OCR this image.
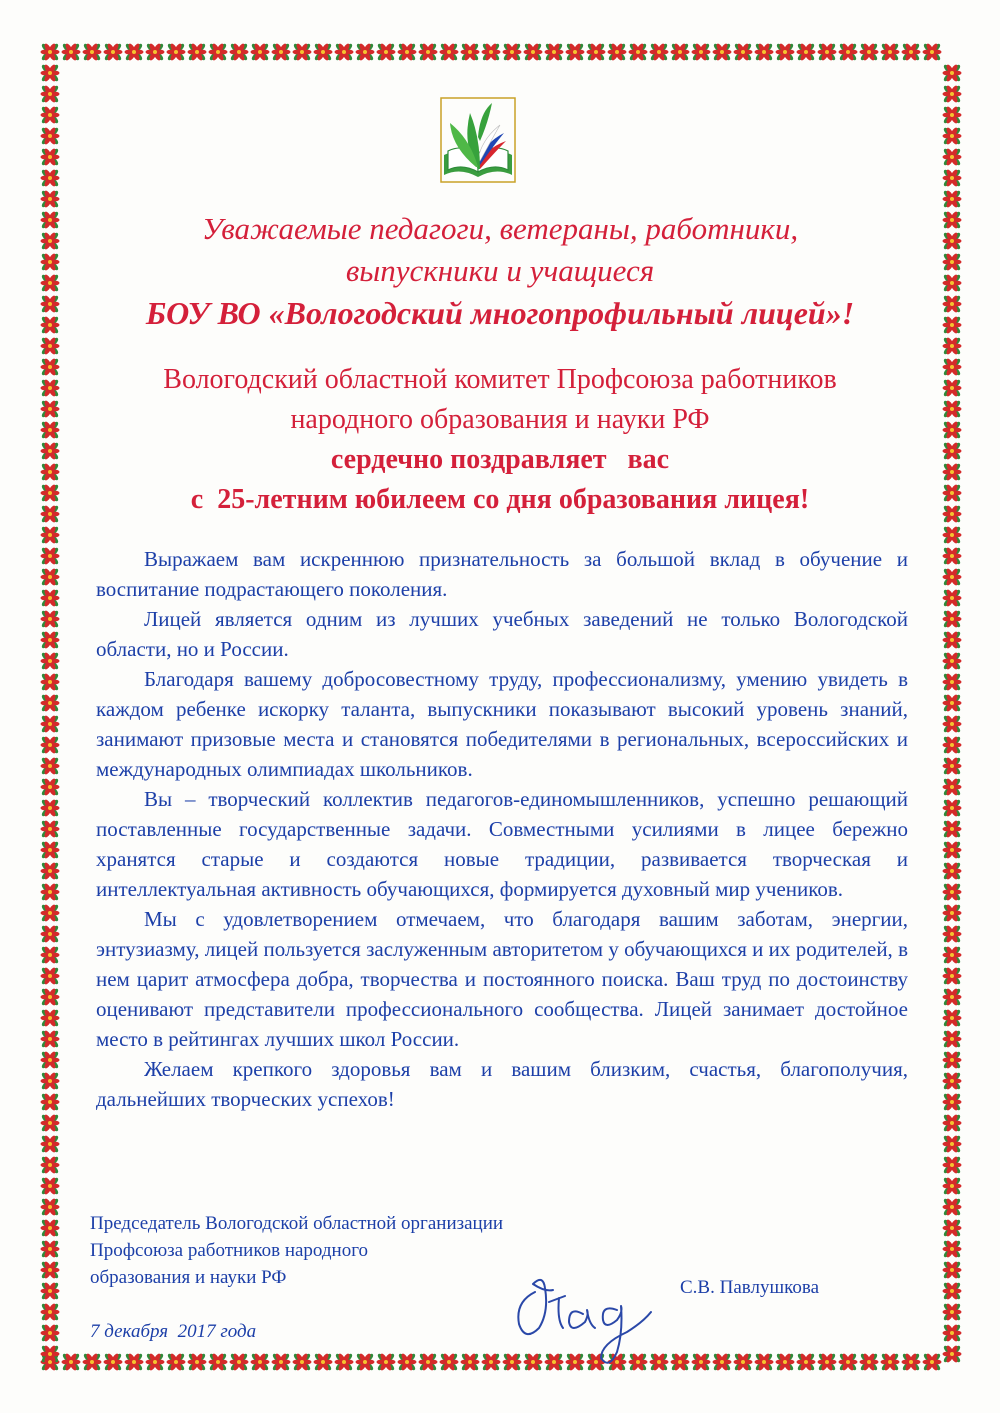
Уважаемые педагоги, ветераны, работники,
выпускники и учащиеся
БОУ ВО «Вологодский многопрофильный лицей»!
Вологодский областной комитет Профсоюза работников
народного образования и науки РФ
сердечно поздравляет   вас
с  25-летним юбилеем со дня образования лицея!

Выражаем вам искреннюю признательность за большой вклад в обучение и воспитание подрастающего поколения.

Лицей является одним из лучших учебных заведений не только Вологодской области, но и России.

Благодаря вашему добросовестному труду, профессионализму, умению увидеть в каждом ребенке искорку таланта, выпускники показывают высокий уровень знаний, занимают призовые места и становятся победителями в региональных, всероссийских и международных олимпиадах школьников.

Вы – творческий коллектив педагогов-единомышленников, успешно решающий поставленные государственные задачи. Совместными усилиями в лицее бережно хранятся старые и создаются новые традиции, развивается творческая и интеллектуальная активность обучающихся, формируется духовный мир учеников.

Мы с удовлетворением отмечаем, что благодаря вашим заботам, энергии, энтузиазму, лицей пользуется заслуженным авторитетом у обучающихся и их родителей, в нем царит атмосфера добра, творчества и постоянного поиска. Ваш труд по достоинству оценивают представители профессионального сообщества. Лицей занимает достойное место в рейтингах лучших школ России.

Желаем крепкого здоровья вам и вашим близким, счастья, благополучия, дальнейших творческих успехов!

Председатель Вологодской областной организации
Профсоюза работников народного
образования и науки РФ	С.В. Павлушкова
7 декабря  2017 года
